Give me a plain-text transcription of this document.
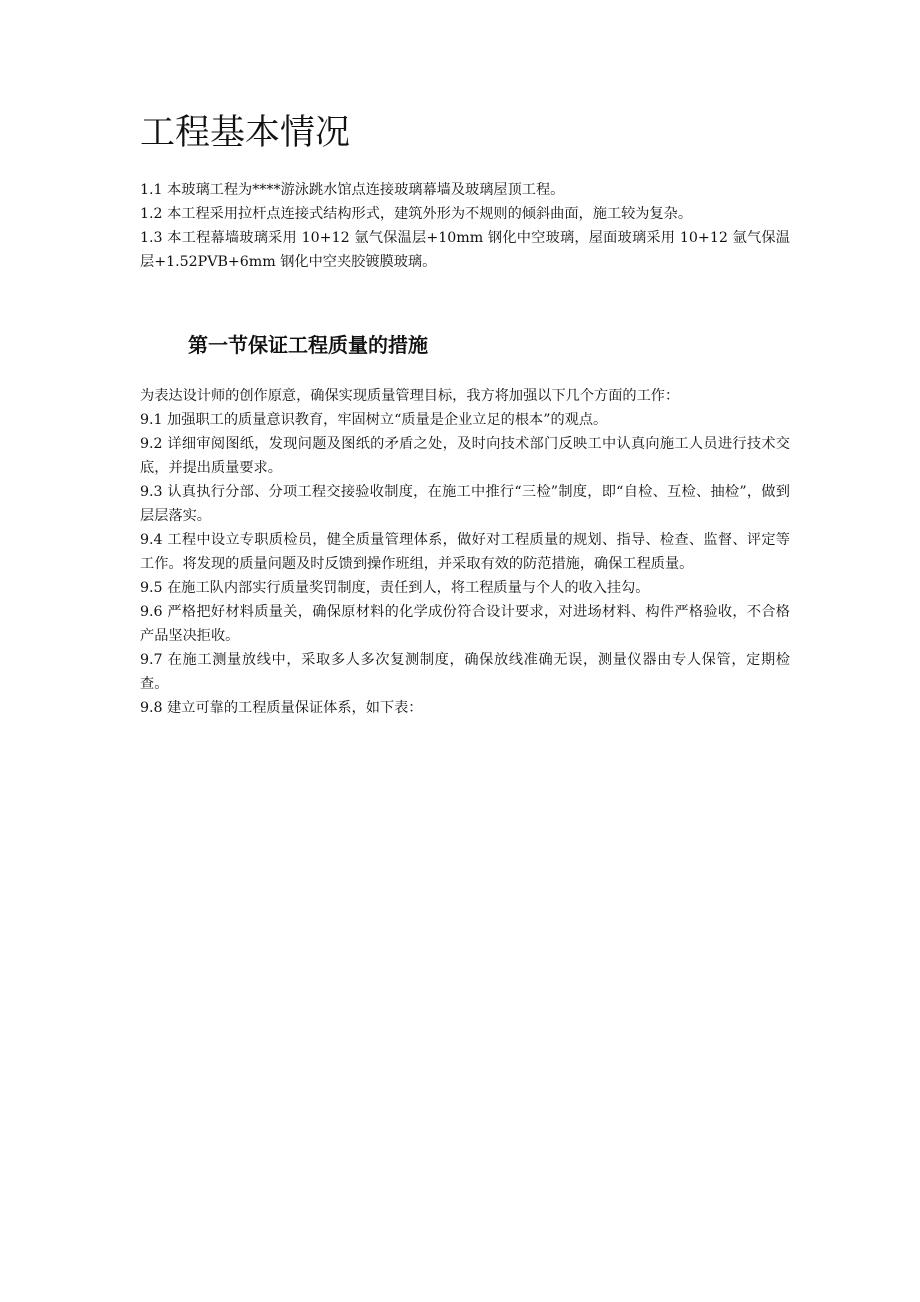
工程基本情况

1.1 本玻璃工程为****游泳跳水馆点连接玻璃幕墙及玻璃屋顶工程。

1.2 本工程采用拉杆点连接式结构形式，建筑外形为不规则的倾斜曲面，施工较为复杂。

1.3 本工程幕墙玻璃采用 10+12 氩气保温层+10mm 钢化中空玻璃，屋面玻璃采用 10+12 氩气保温层+1.52PVB+6mm 钢化中空夹胶镀膜玻璃。

第一节保证工程质量的措施

为表达设计师的创作原意，确保实现质量管理目标，我方将加强以下几个方面的工作：

9.1 加强职工的质量意识教育，牢固树立“质量是企业立足的根本”的观点。

9.2 详细审阅图纸，发现问题及图纸的矛盾之处，及时向技术部门反映工中认真向施工人员进行技术交底，并提出质量要求。

9.3 认真执行分部、分项工程交接验收制度，在施工中推行“三检”制度，即“自检、互检、抽检”，做到层层落实。

9.4 工程中设立专职质检员，健全质量管理体系，做好对工程质量的规划、指导、检查、监督、评定等工作。将发现的质量问题及时反馈到操作班组，并采取有效的防范措施，确保工程质量。

9.5 在施工队内部实行质量奖罚制度，责任到人，将工程质量与个人的收入挂勾。

9.6 严格把好材料质量关，确保原材料的化学成份符合设计要求，对进场材料、构件严格验收，不合格产品坚决拒收。

9.7 在施工测量放线中，采取多人多次复测制度，确保放线准确无误，测量仪器由专人保管，定期检查。

9.8 建立可靠的工程质量保证体系，如下表：
